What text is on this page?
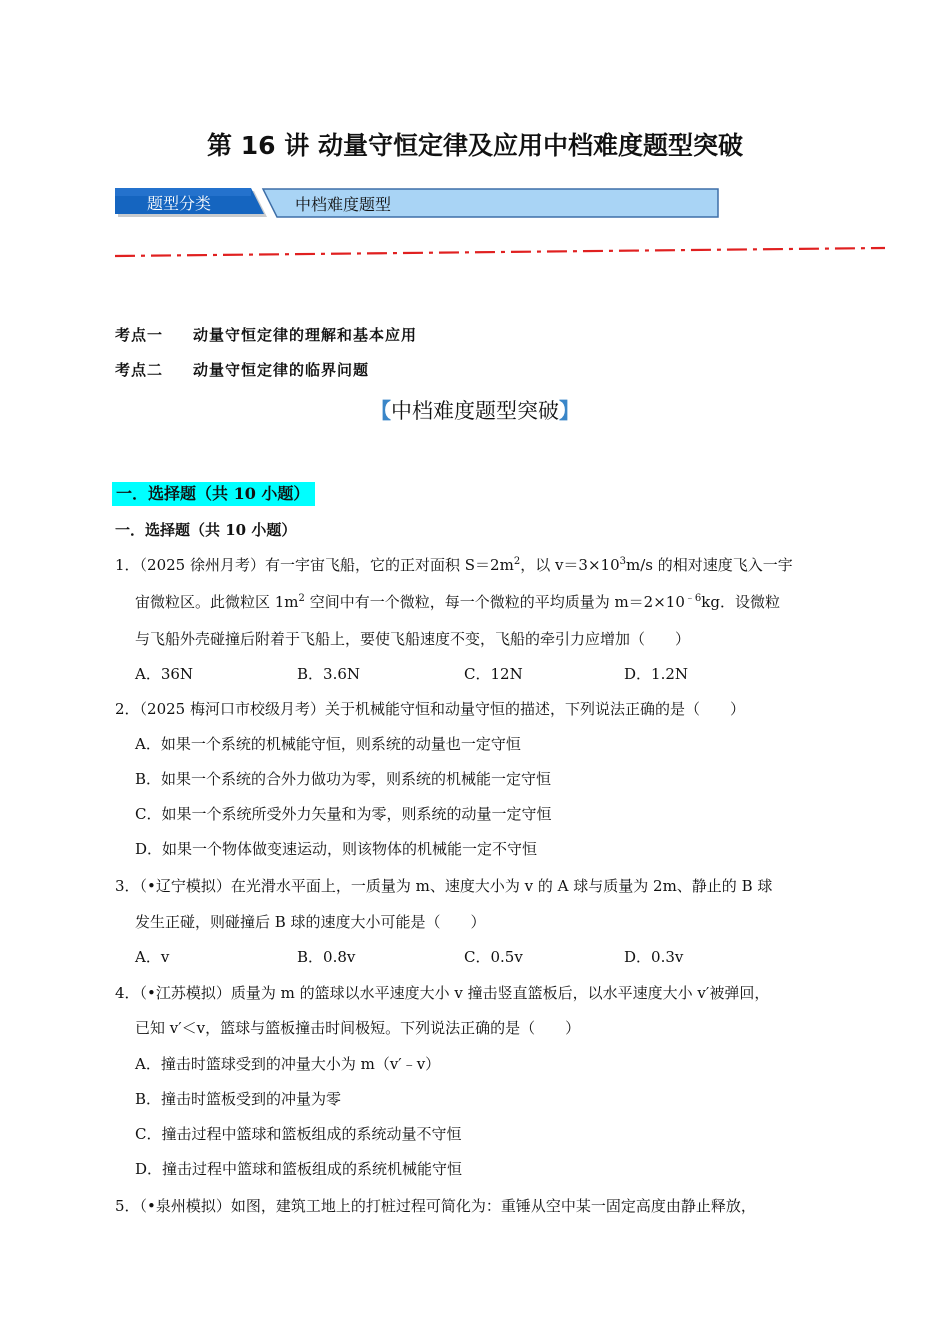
第 16 讲 动量守恒定律及应用中档难度题型突破
题型分类	中档难度题型
考点一 动量守恒定律的理解和基本应用
考点二 动量守恒定律的临界问题
【中档难度题型突破】
一．选择题（共 10 小题）
一．选择题（共 10 小题）
1．（2025 徐州月考）有一宇宙飞船，它的正对面积 $S=2m^2$，以 $v=3\times 10^3m/s$ 的相对速度飞入一宇
宙微粒区。此微粒区 $1m^2$ 空间中有一个微粒，每一个微粒的平均质量为 $m=2\times 10^{﹣6}kg$．设微粒
与飞船外壳碰撞后附着于飞船上，要使飞船速度不变，飞船的牵引力应增加（　　）
A．36N	B．3.6N	C．12N	D．1.2N
2．（2025 梅河口市校级月考）关于机械能守恒和动量守恒的描述，下列说法正确的是（　　）
A．如果一个系统的机械能守恒，则系统的动量也一定守恒
B．如果一个系统的合外力做功为零，则系统的机械能一定守恒
C．如果一个系统所受外力矢量和为零，则系统的动量一定守恒
D．如果一个物体做变速运动，则该物体的机械能一定不守恒
3．（•辽宁模拟）在光滑水平面上，一质量为 m、速度大小为 v 的 A 球与质量为 2m、静止的 B 球
发生正碰，则碰撞后 B 球的速度大小可能是（　　）
A．v	B．0.8v	C．0.5v	D．0.3v
4．（•江苏模拟）质量为 m 的篮球以水平速度大小 v 撞击竖直篮板后，以水平速度大小 v′被弹回，
已知 v′＜v，篮球与篮板撞击时间极短。下列说法正确的是（　　）
A．撞击时篮球受到的冲量大小为 m（v′﹣v）
B．撞击时篮板受到的冲量为零
C．撞击过程中篮球和篮板组成的系统动量不守恒
D．撞击过程中篮球和篮板组成的系统机械能守恒
5．（•泉州模拟）如图，建筑工地上的打桩过程可简化为：重锤从空中某一固定高度由静止释放，
